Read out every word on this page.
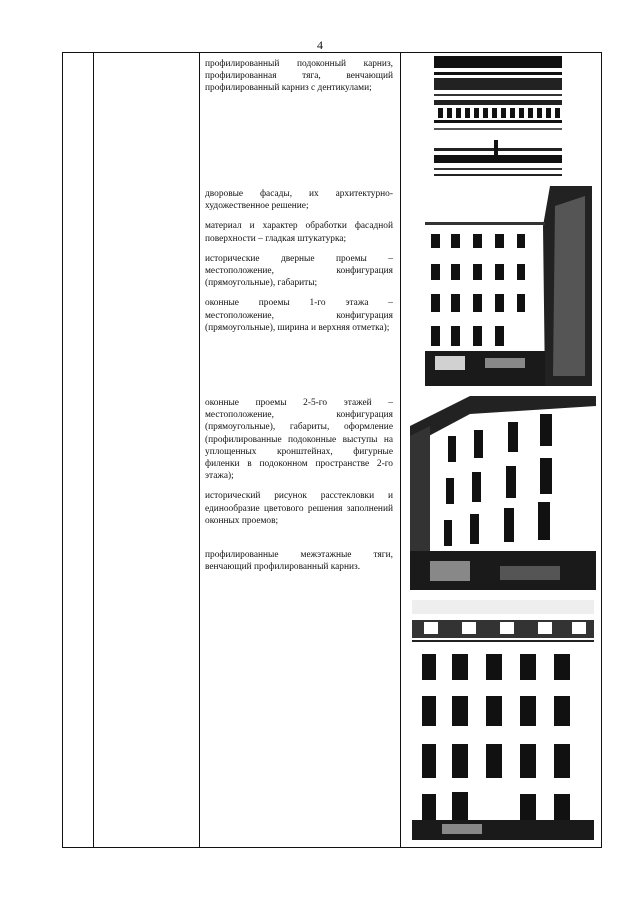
4

профилированный подоконный карниз, профилированная тяга, венчающий профилированный карниз с дентикулами;

дворовые фасады, их архитектурно-художественное решение;

материал и характер обработки фасадной поверхности – гладкая штукатурка;

исторические дверные проемы – местоположение, конфигурация (прямоугольные), габариты;

оконные проемы 1-го этажа – местоположение, конфигурация (прямоугольные), ширина и верхняя отметка);

оконные проемы 2-5-го этажей – местоположение, конфигурация (прямоугольные), габариты, оформление (профилированные подоконные выступы на уплощенных кронштейнах, фигурные филенки в подоконном пространстве 2-го этажа);

исторический рисунок расстекловки и единообразие цветового решения заполнений оконных проемов;

профилированные межэтажные тяги, венчающий профилированный карниз.
